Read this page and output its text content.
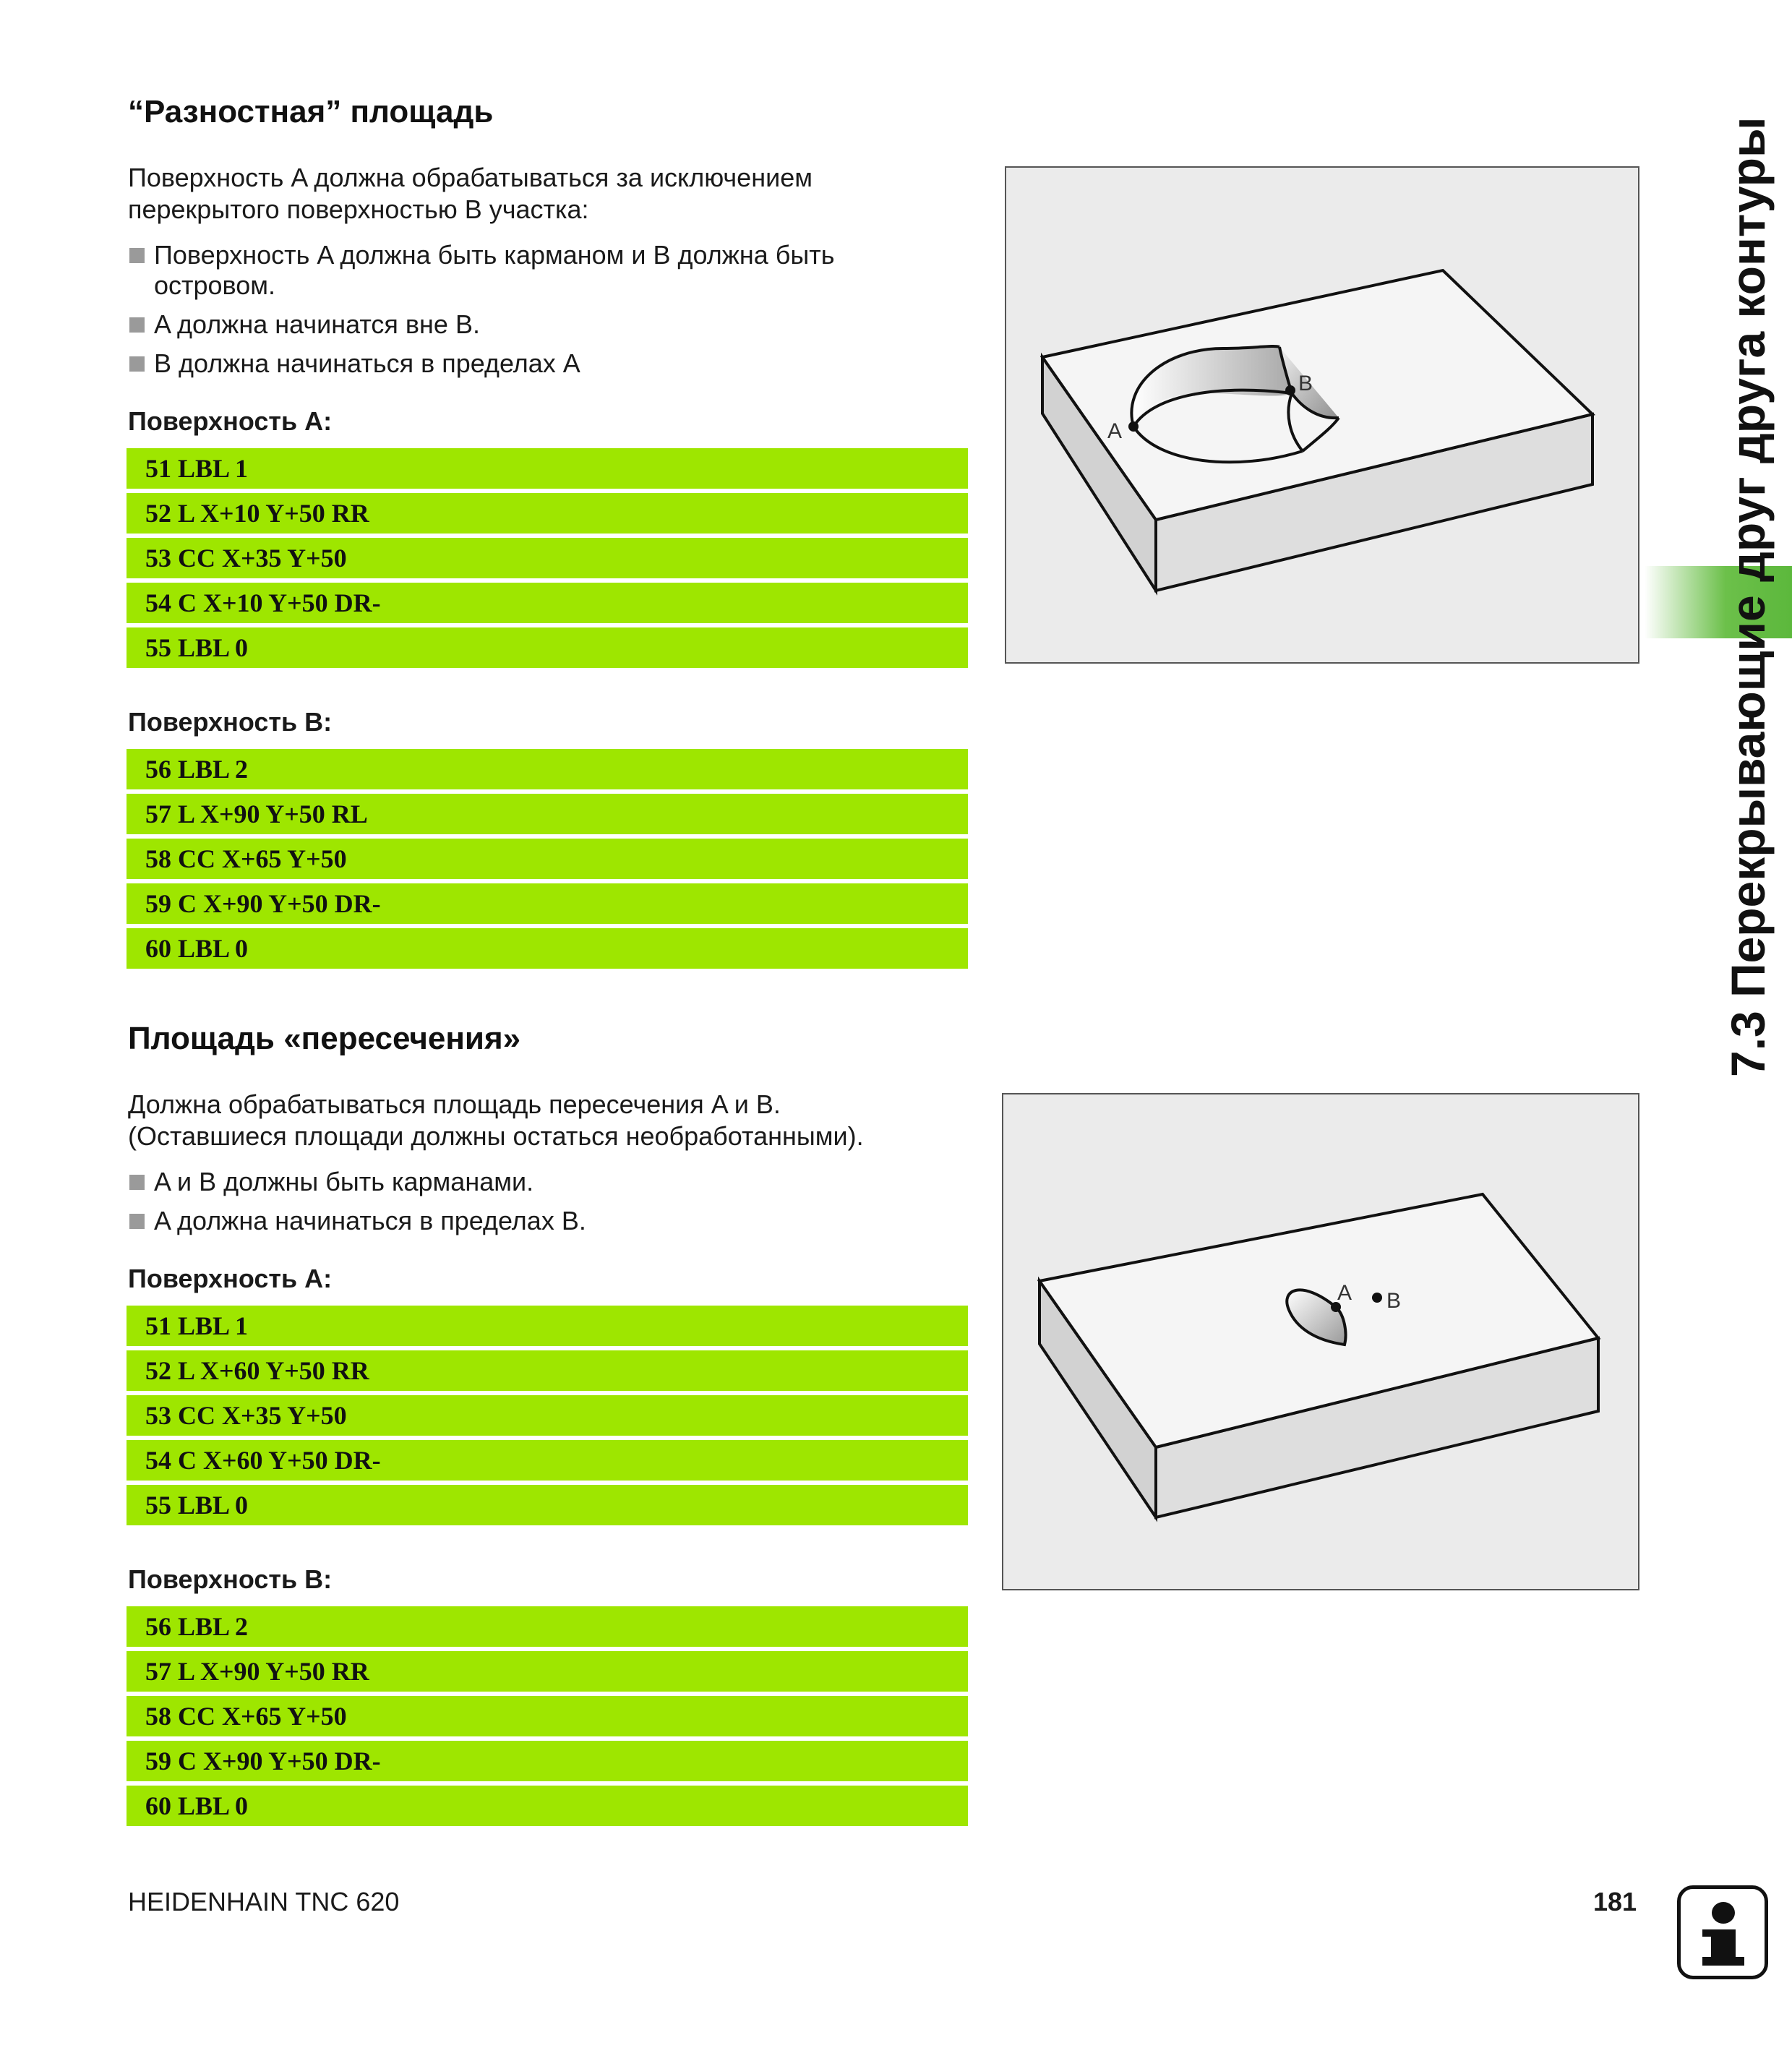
“Разностная” площадь

Поверхность A должна обрабатываться за исключением
перекрытого поверхностью B участка:

Поверхность A должна быть карманом и B должна быть
островом.
A должна начинатся вне B.
B должна начинаться в пределах A

Поверхность A:

51 LBL 1
52 L X+10 Y+50 RR
53 CC X+35 Y+50
54 C X+10 Y+50 DR-
55 LBL 0

Поверхность B:

56 LBL 2
57 L X+90 Y+50 RL
58 CC X+65 Y+50
59 C X+90 Y+50 DR-
60 LBL 0
A
B
Площадь «пересечения»

Должна обрабатываться площадь пересечения A и B.
(Оставшиеся площади должны остаться необработанными).

A и B должны быть карманами.
A должна начинаться в пределах B.

Поверхность A:

51 LBL 1
52 L X+60 Y+50 RR
53 CC X+35 Y+50
54 C X+60 Y+50 DR-
55 LBL 0

Поверхность B:

56 LBL 2
57 L X+90 Y+50 RR
58 CC X+65 Y+50
59 C X+90 Y+50 DR-
60 LBL 0
A B
7.3 Перекрывающие друг друга контуры

HEIDENHAIN TNC 620	181
